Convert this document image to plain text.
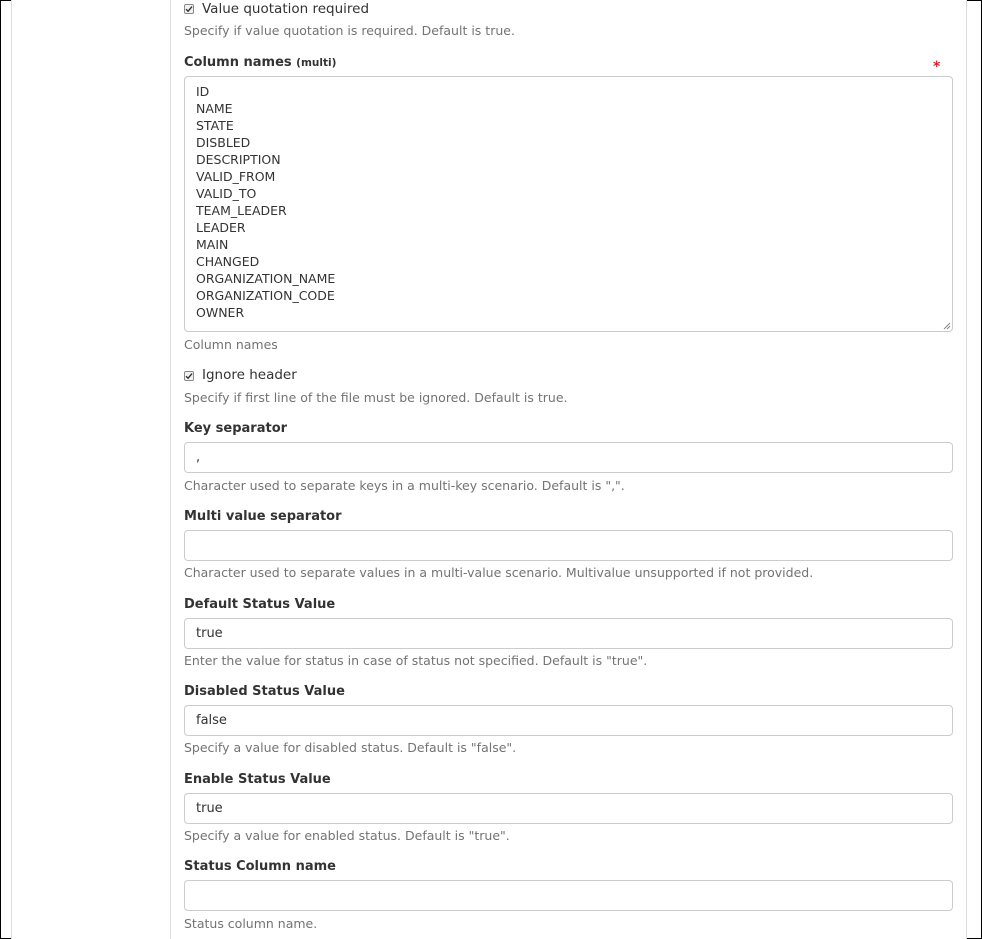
Value quotation required
Specify if value quotation is required. Default is true.
Column names (multi)	*
ID
NAME
STATE
DISBLED
DESCRIPTION
VALID_FROM
VALID_TO
TEAM_LEADER
LEADER
MAIN
CHANGED
ORGANIZATION_NAME
ORGANIZATION_CODE
OWNER
Column names
Ignore header
Specify if first line of the file must be ignored. Default is true.
Key separator
,
Character used to separate keys in a multi-key scenario. Default is ",".
Multi value separator
Character used to separate values in a multi-value scenario. Multivalue unsupported if not provided.
Default Status Value
true
Enter the value for status in case of status not specified. Default is "true".
Disabled Status Value
false
Specify a value for disabled status. Default is "false".
Enable Status Value
true
Specify a value for enabled status. Default is "true".
Status Column name
Status column name.
